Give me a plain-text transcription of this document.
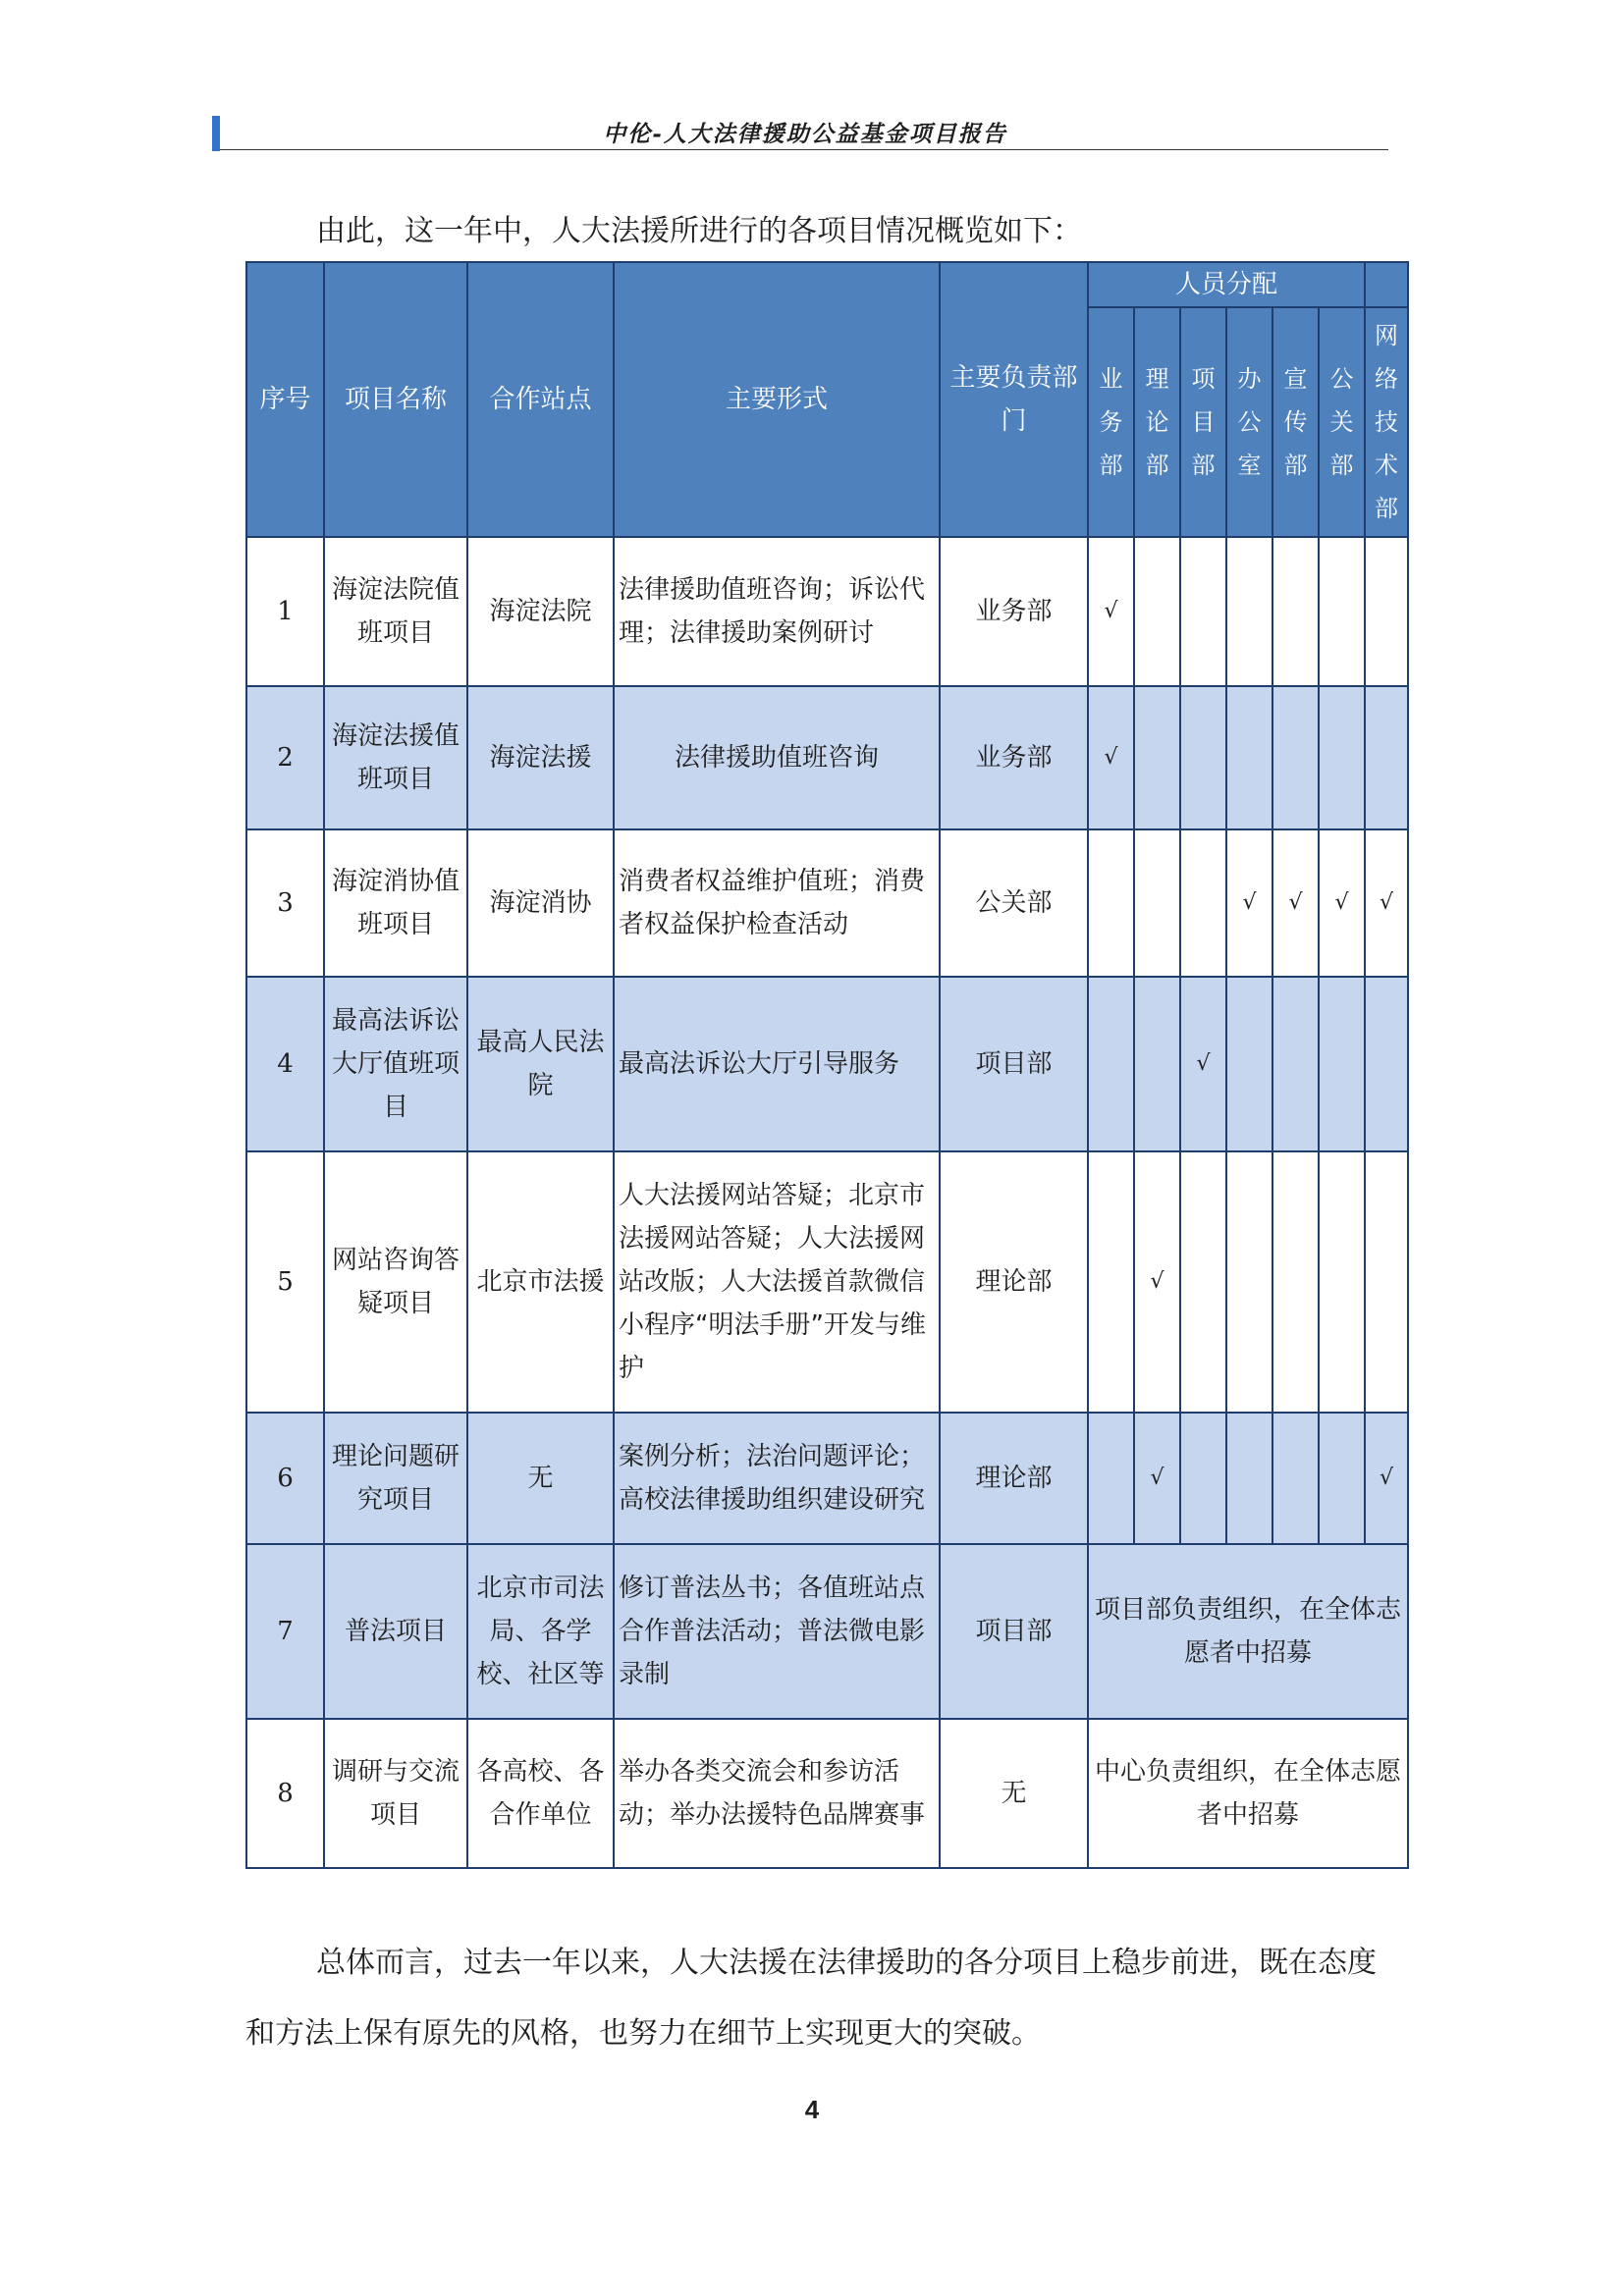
中伦-人大法律援助公益基金项目报告
由此，这一年中，人大法援所进行的各项目情况概览如下：
序号	项目名称	合作站点	主要形式	主要负责部门	人员分配						
					业务部	理论部	项目部	办公室	宣传部	公关部	网络技术部
1	海淀法院值班项目	海淀法院	法律援助值班咨询；诉讼代理；法律援助案例研讨	业务部	√						
2	海淀法援值班项目	海淀法援	法律援助值班咨询	业务部	√						
3	海淀消协值班项目	海淀消协	消费者权益维护值班；消费者权益保护检查活动	公关部				√	√	√	√
4	最高法诉讼大厅值班项目	最高人民法院	最高法诉讼大厅引导服务	项目部			√				
5	网站咨询答疑项目	北京市法援	人大法援网站答疑；北京市法援网站答疑；人大法援网站改版；人大法援首款微信小程序“明法手册”开发与维护	理论部		√					
6	理论问题研究项目	无	案例分析；法治问题评论；高校法律援助组织建设研究	理论部		√					√
7	普法项目	北京市司法局、各学校、社区等	修订普法丛书；各值班站点合作普法活动；普法微电影录制	项目部	项目部负责组织，在全体志愿者中招募						
8	调研与交流项目	各高校、各合作单位	举办各类交流会和参访活动；举办法援特色品牌赛事	无	中心负责组织，在全体志愿者中招募						

总体而言，过去一年以来，人大法援在法律援助的各分项目上稳步前进，既在态度和方法上保有原先的风格，也努力在细节上实现更大的突破。

4
